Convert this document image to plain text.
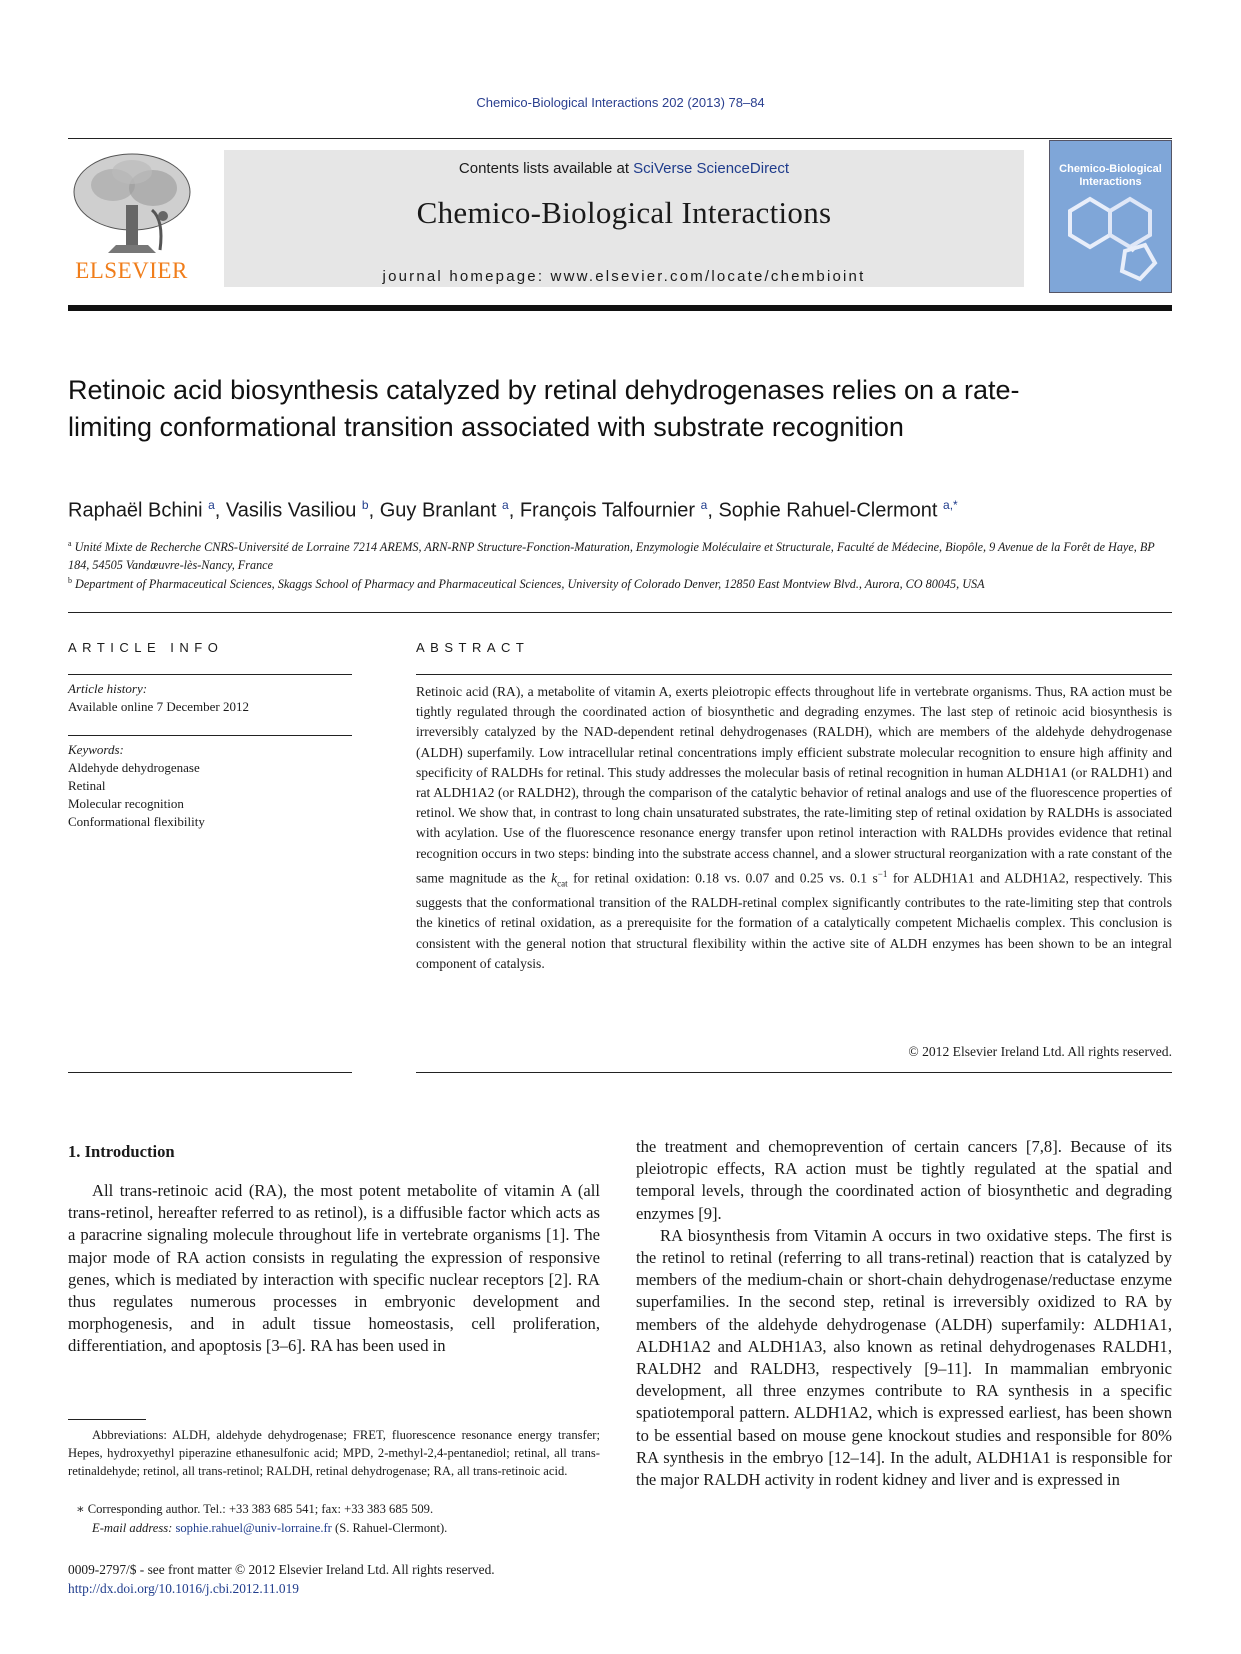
Chemico-Biological Interactions 202 (2013) 78–84
ELSEVIER
Contents lists available at SciVerse ScienceDirect
Chemico-Biological Interactions
journal homepage: www.elsevier.com/locate/chembioint
Chemico-Biological Interactions
Retinoic acid biosynthesis catalyzed by retinal dehydrogenases relies on a rate-limiting conformational transition associated with substrate recognition
Raphaël Bchini $^a$, Vasilis Vasiliou $^b$, Guy Branlant $^a$, François Talfournier $^a$, Sophie Rahuel-Clermont $^{a,*}$
$^a$ Unité Mixte de Recherche CNRS-Université de Lorraine 7214 AREMS, ARN-RNP Structure-Fonction-Maturation, Enzymologie Moléculaire et Structurale, Faculté de Médecine, Biopôle, 9 Avenue de la Forêt de Haye, BP 184, 54505 Vandœuvre-lès-Nancy, France
$^b$ Department of Pharmaceutical Sciences, Skaggs School of Pharmacy and Pharmaceutical Sciences, University of Colorado Denver, 12850 East Montview Blvd., Aurora, CO 80045, USA
ARTICLE INFO
Article history:
Available online 7 December 2012
Keywords:
Aldehyde dehydrogenase
Retinal
Molecular recognition
Conformational flexibility
ABSTRACT
Retinoic acid (RA), a metabolite of vitamin A, exerts pleiotropic effects throughout life in vertebrate organisms. Thus, RA action must be tightly regulated through the coordinated action of biosynthetic and degrading enzymes. The last step of retinoic acid biosynthesis is irreversibly catalyzed by the NAD-dependent retinal dehydrogenases (RALDH), which are members of the aldehyde dehydrogenase (ALDH) superfamily. Low intracellular retinal concentrations imply efficient substrate molecular recognition to ensure high affinity and specificity of RALDHs for retinal. This study addresses the molecular basis of retinal recognition in human ALDH1A1 (or RALDH1) and rat ALDH1A2 (or RALDH2), through the comparison of the catalytic behavior of retinal analogs and use of the fluorescence properties of retinol. We show that, in contrast to long chain unsaturated substrates, the rate-limiting step of retinal oxidation by RALDHs is associated with acylation. Use of the fluorescence resonance energy transfer upon retinol interaction with RALDHs provides evidence that retinal recognition occurs in two steps: binding into the substrate access channel, and a slower structural reorganization with a rate constant of the same magnitude as the $k_{cat}$ for retinal oxidation: 0.18 vs. 0.07 and 0.25 vs. 0.1 $s^{-1}$ for ALDH1A1 and ALDH1A2, respectively. This suggests that the conformational transition of the RALDH-retinal complex significantly contributes to the rate-limiting step that controls the kinetics of retinal oxidation, as a prerequisite for the formation of a catalytically competent Michaelis complex. This conclusion is consistent with the general notion that structural flexibility within the active site of ALDH enzymes has been shown to be an integral component of catalysis.
© 2012 Elsevier Ireland Ltd. All rights reserved.
1. Introduction

All trans-retinoic acid (RA), the most potent metabolite of vitamin A (all trans-retinol, hereafter referred to as retinol), is a diffusible factor which acts as a paracrine signaling molecule throughout life in vertebrate organisms [1]. The major mode of RA action consists in regulating the expression of responsive genes, which is mediated by interaction with specific nuclear receptors [2]. RA thus regulates numerous processes in embryonic development and morphogenesis, and in adult tissue homeostasis, cell proliferation, differentiation, and apoptosis [3–6]. RA has been used in

the treatment and chemoprevention of certain cancers [7,8]. Because of its pleiotropic effects, RA action must be tightly regulated at the spatial and temporal levels, through the coordinated action of biosynthetic and degrading enzymes [9].

RA biosynthesis from Vitamin A occurs in two oxidative steps. The first is the retinol to retinal (referring to all trans-retinal) reaction that is catalyzed by members of the medium-chain or short-chain dehydrogenase/reductase enzyme superfamilies. In the second step, retinal is irreversibly oxidized to RA by members of the aldehyde dehydrogenase (ALDH) superfamily: ALDH1A1, ALDH1A2 and ALDH1A3, also known as retinal dehydrogenases RALDH1, RALDH2 and RALDH3, respectively [9–11]. In mammalian embryonic development, all three enzymes contribute to RA synthesis in a specific spatiotemporal pattern. ALDH1A2, which is expressed earliest, has been shown to be essential based on mouse gene knockout studies and responsible for 80% RA synthesis in the embryo [12–14]. In the adult, ALDH1A1 is responsible for the major RALDH activity in rodent kidney and liver and is expressed in

Abbreviations: ALDH, aldehyde dehydrogenase; FRET, fluorescence resonance energy transfer; Hepes, hydroxyethyl piperazine ethanesulfonic acid; MPD, 2-methyl-2,4-pentanediol; retinal, all trans-retinaldehyde; retinol, all trans-retinol; RALDH, retinal dehydrogenase; RA, all trans-retinoic acid.
∗ Corresponding author. Tel.: +33 383 685 541; fax: +33 383 685 509.
E-mail address: sophie.rahuel@univ-lorraine.fr (S. Rahuel-Clermont).
0009-2797/$ - see front matter © 2012 Elsevier Ireland Ltd. All rights reserved.
http://dx.doi.org/10.1016/j.cbi.2012.11.019
